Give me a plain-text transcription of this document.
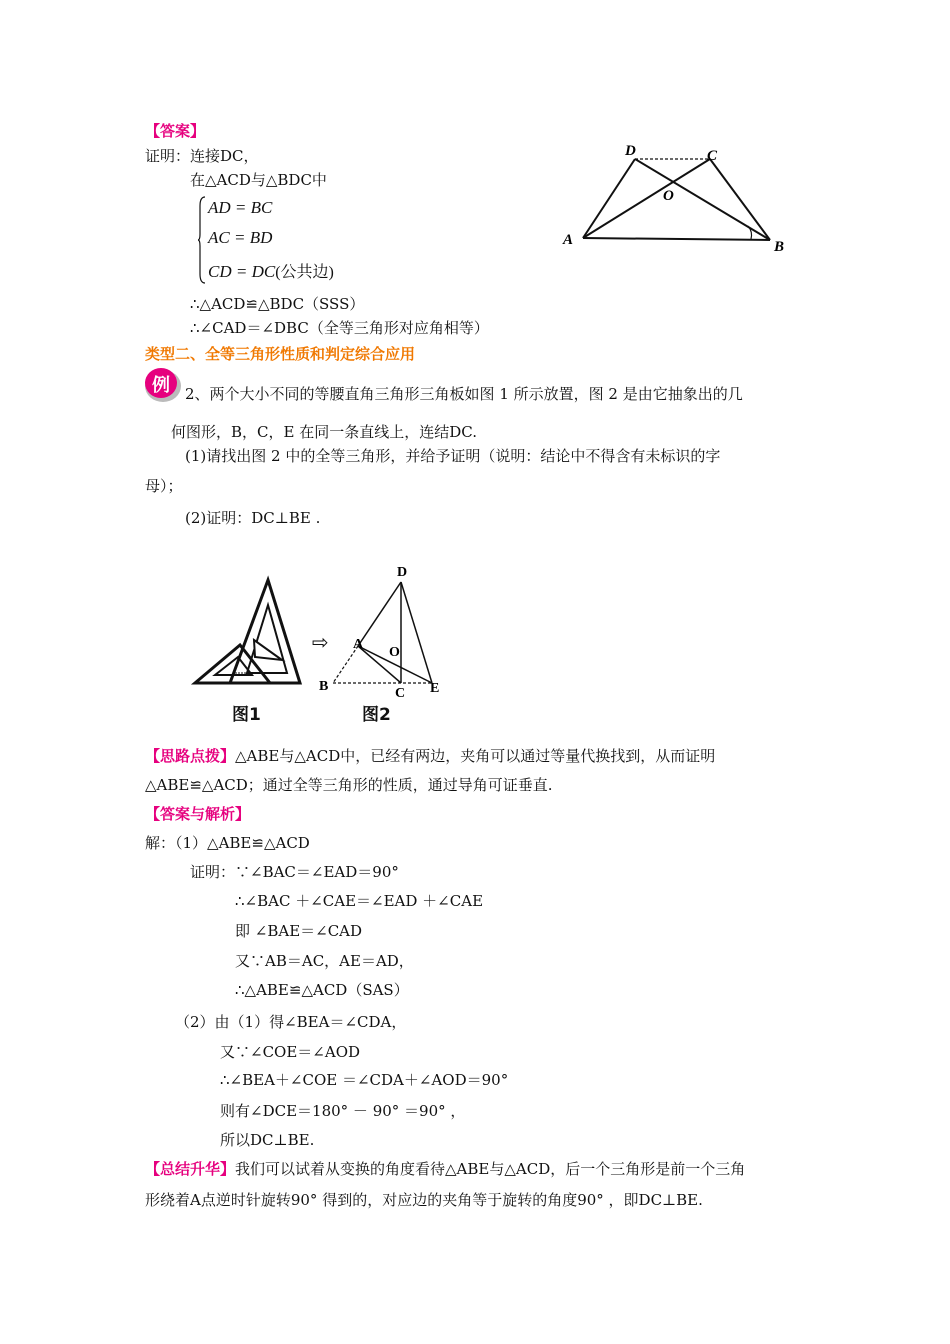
【答案】
证明：连接DC，
在△ACD与△BDC中
AD = BC
AC = BD
CD = DC(公共边)
∴△ACD≌△BDC（SSS）
∴∠CAD＝∠DBC（全等三角形对应角相等）
D	C
O
A	B
类型二、全等三角形性质和判定综合应用
例 2、两个大小不同的等腰直角三角形三角板如图 1 所示放置，图 2 是由它抽象出的几
何图形，B，C，E 在同一条直线上，连结DC.
(1)请找出图 2 中的全等三角形，并给予证明（说明：结论中不得含有未标识的字
母）；
(2)证明：DC⊥BE .
⇨
D
A
O
B	C E
图1	图2
【思路点拨】△ABE与△ACD中，已经有两边，夹角可以通过等量代换找到，从而证明
△ABE≌△ACD；通过全等三角形的性质，通过导角可证垂直.
【答案与解析】
解：（1）△ABE≌△ACD
证明：∵∠BAC＝∠EAD＝90°
∴∠BAC ＋∠CAE＝∠EAD ＋∠CAE
即 ∠BAE＝∠CAD
又∵AB＝AC，AE＝AD，
∴△ABE≌△ACD（SAS）
（2）由（1）得∠BEA＝∠CDA，
又∵∠COE＝∠AOD
∴∠BEA＋∠COE ＝∠CDA＋∠AOD＝90°
则有∠DCE＝180° － 90° ＝90° ，
所以DC⊥BE.
【总结升华】我们可以试着从变换的角度看待△ABE与△ACD，后一个三角形是前一个三角
形绕着A点逆时针旋转90° 得到的，对应边的夹角等于旋转的角度90° ，即DC⊥BE.
